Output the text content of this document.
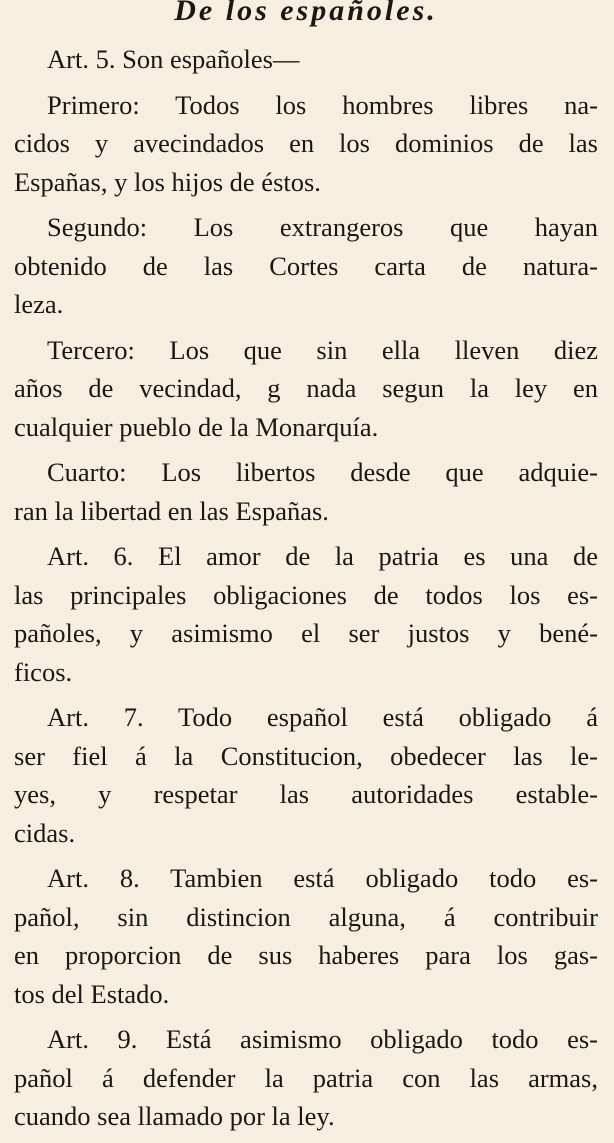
De los españoles.
Art. 5. Son españoles—
Primero: Todos los hombres libres na-
cidos y avecindados en los dominios de las
Españas, y los hijos de éstos.
Segundo: Los extrangeros que hayan
obtenido de las Cortes carta de natura-
leza.
Tercero: Los que sin ella lleven diez
años de vecindad, g nada segun la ley en
cualquier pueblo de la Monarquía.
Cuarto: Los libertos desde que adquie-
ran la libertad en las Españas.
Art. 6. El amor de la patria es una de
las principales obligaciones de todos los es-
pañoles, y asimismo el ser justos y bené-
ficos.
Art. 7. Todo español está obligado á
ser fiel á la Constitucion, obedecer las le-
yes, y respetar las autoridades estable-
cidas.
Art. 8. Tambien está obligado todo es-
pañol, sin distincion alguna, á contribuir
en proporcion de sus haberes para los gas-
tos del Estado.
Art. 9. Está asimismo obligado todo es-
pañol á defender la patria con las armas,
cuando sea llamado por la ley.
